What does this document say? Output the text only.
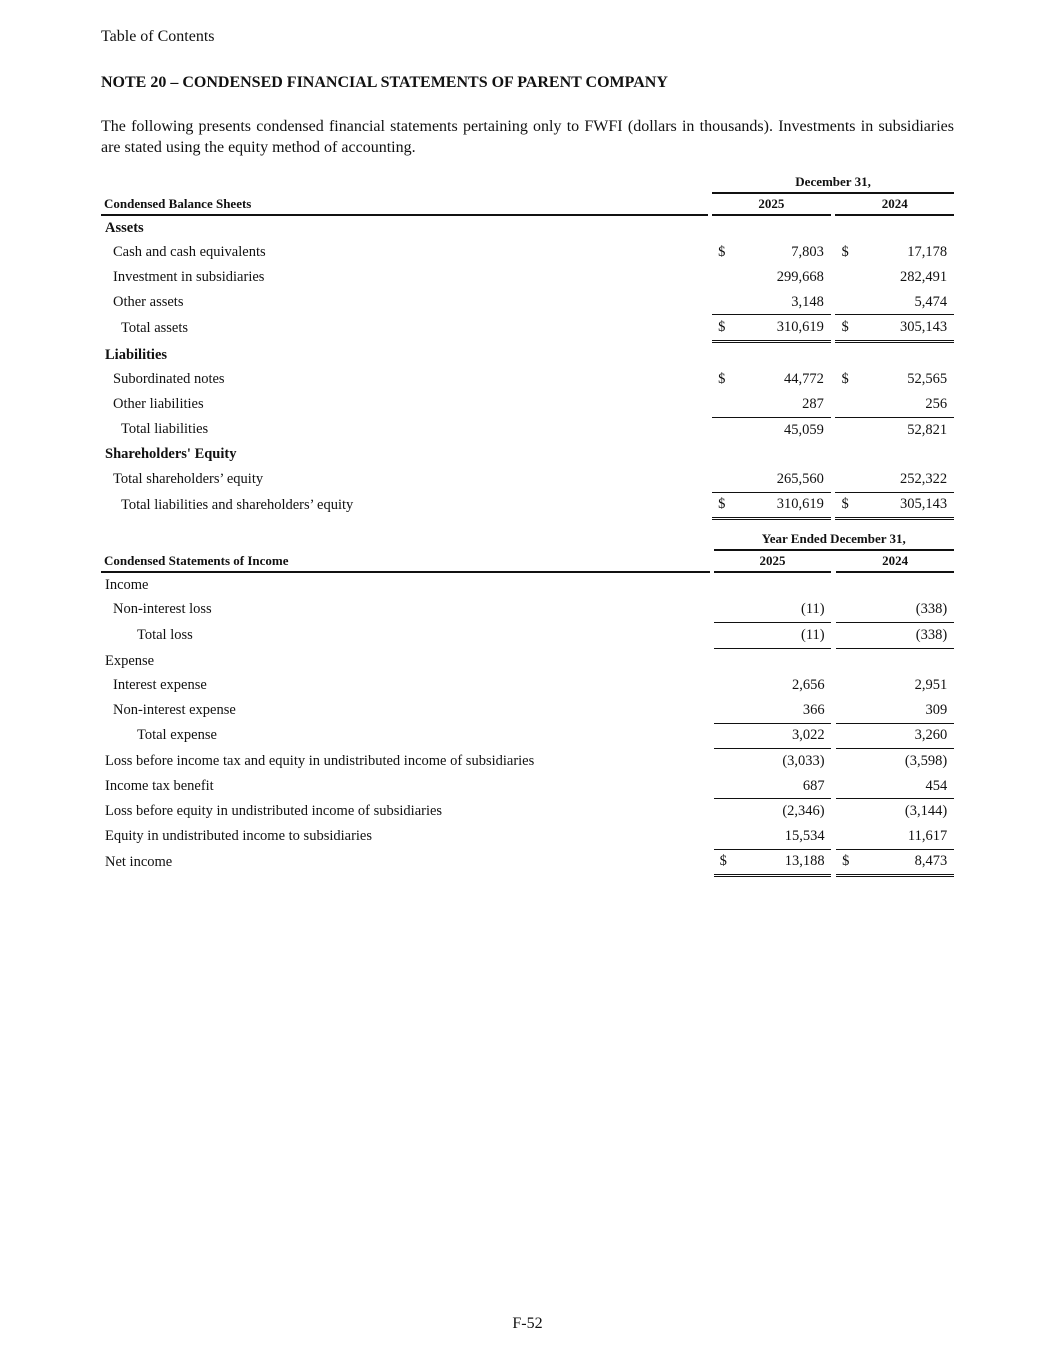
Table of Contents
NOTE 20 – CONDENSED FINANCIAL STATEMENTS OF PARENT COMPANY

The following presents condensed financial statements pertaining only to FWFI (dollars in thousands). Investments in subsidiaries are stated using the equity method of accounting.

		December 31,						
Condensed Balance Sheets		2025				2024		
Assets								
Cash and cash equivalents		$	7,803			$	17,178	
Investment in subsidiaries			299,668				282,491	
Other assets			3,148				5,474	
Total assets		$	310,619			$	305,143	
Liabilities								
Subordinated notes		$	44,772			$	52,565	
Other liabilities			287				256	
Total liabilities			45,059				52,821	
Shareholders' Equity								
Total shareholders’ equity			265,560				252,322	
Total liabilities and shareholders’ equity		$	310,619			$	305,143	
		Year Ended December 31,						
Condensed Statements of Income		2025				2024		
Income								
Non-interest loss			(11)				(338)	
Total loss			(11)				(338)	
Expense								
Interest expense			2,656				2,951	
Non-interest expense			366				309	
Total expense			3,022				3,260	
Loss before income tax and equity in undistributed income of subsidiaries			(3,033)				(3,598)	
Income tax benefit			687				454	
Loss before equity in undistributed income of subsidiaries			(2,346)				(3,144)	
Equity in undistributed income to subsidiaries			15,534				11,617	
Net income		$	13,188			$	8,473	
F-52
